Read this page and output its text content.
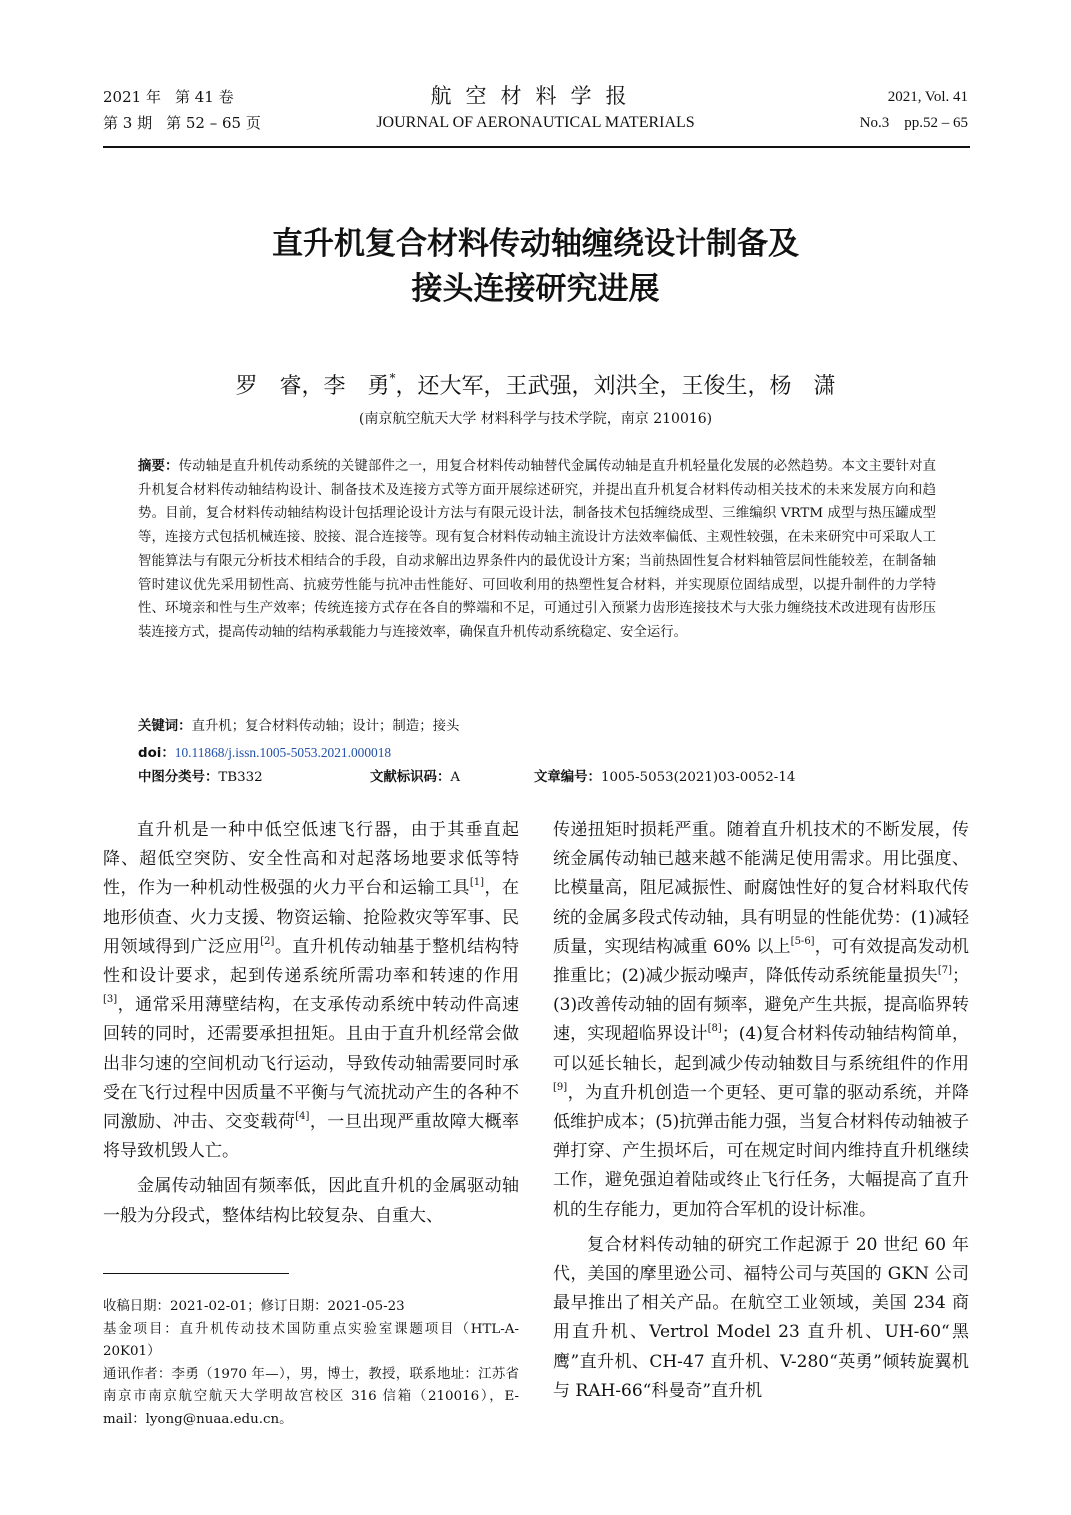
2021 年 第 41 卷
第 3 期 第 52 – 65 页
航空材料学报
JOURNAL OF AERONAUTICAL MATERIALS
2021, Vol. 41
No.3    pp.52 – 65
直升机复合材料传动轴缠绕设计制备及
接头连接研究进展
罗　睿，李　勇*，还大军，王武强，刘洪全，王俊生，杨　潇
(南京航空航天大学 材料科学与技术学院，南京 210016)
摘要：传动轴是直升机传动系统的关键部件之一，用复合材料传动轴替代金属传动轴是直升机轻量化发展的必然趋势。本文主要针对直升机复合材料传动轴结构设计、制备技术及连接方式等方面开展综述研究，并提出直升机复合材料传动相关技术的未来发展方向和趋势。目前，复合材料传动轴结构设计包括理论设计方法与有限元设计法，制备技术包括缠绕成型、三维编织 VRTM 成型与热压罐成型等，连接方式包括机械连接、胶接、混合连接等。现有复合材料传动轴主流设计方法效率偏低、主观性较强，在未来研究中可采取人工智能算法与有限元分析技术相结合的手段，自动求解出边界条件内的最优设计方案；当前热固性复合材料轴管层间性能较差，在制备轴管时建议优先采用韧性高、抗疲劳性能与抗冲击性能好、可回收利用的热塑性复合材料，并实现原位固结成型，以提升制件的力学特性、环境亲和性与生产效率；传统连接方式存在各自的弊端和不足，可通过引入预紧力齿形连接技术与大张力缠绕技术改进现有齿形压装连接方式，提高传动轴的结构承载能力与连接效率，确保直升机传动系统稳定、安全运行。
关键词：直升机；复合材料传动轴；设计；制造；接头
doi：10.11868/j.issn.1005-5053.2021.000018
中图分类号：TB332	文献标识码：A	文章编号：1005-5053(2021)03-0052-14

直升机是一种中低空低速飞行器，由于其垂直起降、超低空突防、安全性高和对起落场地要求低等特性，作为一种机动性极强的火力平台和运输工具[1]，在地形侦查、火力支援、物资运输、抢险救灾等军事、民用领域得到广泛应用[2]。直升机传动轴基于整机结构特性和设计要求，起到传递系统所需功率和转速的作用[3]，通常采用薄壁结构，在支承传动系统中转动件高速回转的同时，还需要承担扭矩。且由于直升机经常会做出非匀速的空间机动飞行运动，导致传动轴需要同时承受在飞行过程中因质量不平衡与气流扰动产生的各种不同激励、冲击、交变载荷[4]，一旦出现严重故障大概率将导致机毁人亡。

金属传动轴固有频率低，因此直升机的金属驱动轴一般为分段式，整体结构比较复杂、自重大、

收稿日期：2021-02-01；修订日期：2021-05-23

基金项目：直升机传动技术国防重点实验室课题项目（HTL-A-20K01）

通讯作者：李勇（1970 年—），男，博士，教授，联系地址：江苏省南京市南京航空航天大学明故宫校区 316 信箱（210016），E-mail：lyong@nuaa.edu.cn。

传递扭矩时损耗严重。随着直升机技术的不断发展，传统金属传动轴已越来越不能满足使用需求。用比强度、比模量高，阻尼减振性、耐腐蚀性好的复合材料取代传统的金属多段式传动轴，具有明显的性能优势：(1)减轻质量，实现结构减重 60% 以上[5-6]，可有效提高发动机推重比；(2)减少振动噪声，降低传动系统能量损失[7]；(3)改善传动轴的固有频率，避免产生共振，提高临界转速，实现超临界设计[8]；(4)复合材料传动轴结构简单，可以延长轴长，起到减少传动轴数目与系统组件的作用[9]，为直升机创造一个更轻、更可靠的驱动系统，并降低维护成本；(5)抗弹击能力强，当复合材料传动轴被子弹打穿、产生损坏后，可在规定时间内维持直升机继续工作，避免强迫着陆或终止飞行任务，大幅提高了直升机的生存能力，更加符合军机的设计标准。

复合材料传动轴的研究工作起源于 20 世纪 60 年代，美国的摩里逊公司、福特公司与英国的 GKN 公司最早推出了相关产品。在航空工业领域，美国 234 商用直升机、Vertrol Model 23 直升机、UH-60“黑鹰”直升机、CH-47 直升机、V-280“英勇”倾转旋翼机与 RAH-66“科曼奇”直升机
